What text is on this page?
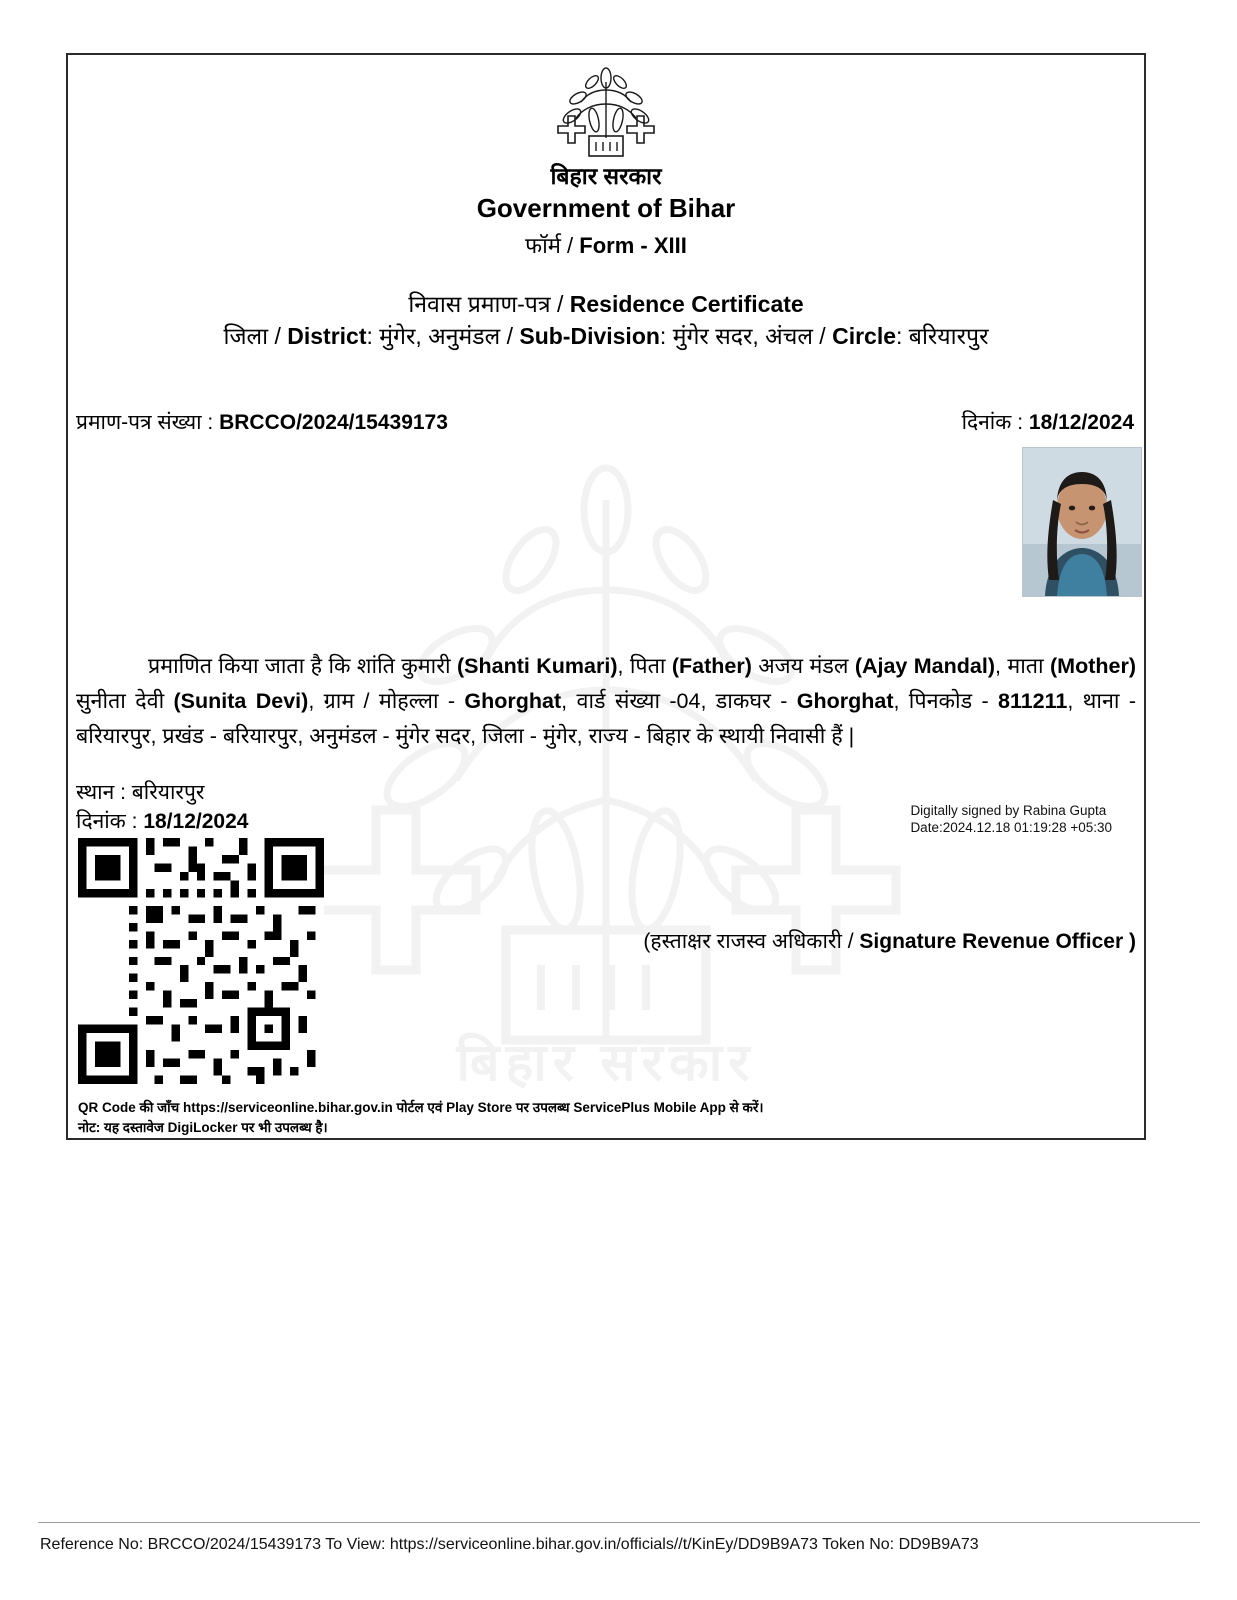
बिहार सरकार
बिहार सरकार
Government of Bihar
फॉर्म / Form - XIII
निवास प्रमाण-पत्र / Residence Certificate
जिला / District: मुंगेर, अनुमंडल / Sub-Division: मुंगेर सदर, अंचल / Circle: बरियारपुर
प्रमाण-पत्र संख्या : BRCCO/2024/15439173	दिनांक : 18/12/2024
प्रमाणित किया जाता है कि शांति कुमारी (Shanti Kumari), पिता (Father) अजय मंडल (Ajay Mandal), माता (Mother) सुनीता देवी (Sunita Devi), ग्राम / मोहल्ला - Ghorghat, वार्ड संख्या -04, डाकघर - Ghorghat, पिनकोड - 811211, थाना - बरियारपुर, प्रखंड - बरियारपुर, अनुमंडल - मुंगेर सदर, जिला - मुंगेर, राज्य - बिहार के स्थायी निवासी हैं |
स्थान : बरियारपुर
दिनांक : 18/12/2024	Digitally signed by Rabina Gupta
Date:2024.12.18 01:19:28 +05:30
(हस्ताक्षर राजस्व अधिकारी / Signature Revenue Officer )
QR Code की जाँच https://serviceonline.bihar.gov.in पोर्टल एवं Play Store पर उपलब्ध ServicePlus Mobile App से करें।
नोट: यह दस्तावेज DigiLocker पर भी उपलब्ध है।
Reference No: BRCCO/2024/15439173 To View: https://serviceonline.bihar.gov.in/officials//t/KinEy/DD9B9A73 Token No: DD9B9A73
